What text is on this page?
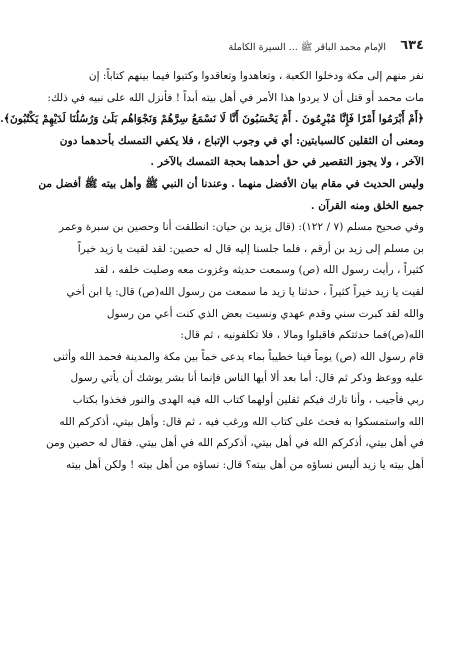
٦٣٤
الإمام محمد الباقر ﷺ ... السيرة الكاملة
نفر منهم إلى مكة ودخلوا الكعبة ، وتعاهدوا وتعاقدوا وكتبوا فيما بينهم كتاباً: إن
مات محمد أو قتل أن لا يردوا هذا الأمر في أهل بيته أبداً ! فأنزل الله على نبيه في ذلك:
﴿أَمْ أَبْرَمُوا أَمْرًا فَإِنَّا مُبْرِمُونَ . أَمْ يَحْسَبُونَ أَنَّا لَا نَسْمَعُ سِرَّهُمْ وَنَجْوَاهُم بَلَىٰ وَرُسُلُنَا لَدَيْهِمْ يَكْتُبُونَ﴾.
ومعنى أن الثقلين كالسبابتين: أي في وجوب الإتباع ، فلا يكفي التمسك بأحدهما دون
الآخر ، ولا يجوز التقصير في حق أحدهما بحجة التمسك بالآخر .
وليس الحديث في مقام بيان الأفضل منهما . وعندنا أن النبي ﷺ وأهل بيته ﷺ أفضل من
جميع الخلق ومنه القرآن .
وفي صحيح مسلم (٧ / ١٢٢): (قال يزيد بن حيان: انطلقت أنا وحصين بن سبرة وعمر
بن مسلم إلى زيد بن أرقم ، فلما جلسنا إليه قال له حصين: لقد لقيت يا زيد خيراً
كثيراً ، رأيت رسول الله (ص) وسمعت حديثه وغزوت معه وصليت خلفه ، لقد
لقيت يا زيد خيراً كثيراً ، حدثنا يا زيد ما سمعت من رسول الله(ص) قال: يا ابن أخي
والله لقد كبرت سني وقدم عهدي ونسيت بعض الذي كنت أعي من رسول
الله(ص)فما حدثتكم فاقبلوا ومالا ، فلا تكلفونيه ، ثم قال:
قام رسول الله (ص) يوماً فينا خطيباً بماء يدعى خماً بين مكة والمدينة فحمد الله وأثنى
عليه ووعظ وذكر ثم قال: أما بعد ألا أيها الناس فإنما أنا بشر يوشك أن يأتي رسول
ربي فأجيب ، وأنا تارك فيكم ثقلين أولهما كتاب الله فيه الهدى والنور فخذوا بكتاب
الله واستمسكوا به فحث على كتاب الله ورغب فيه ، ثم قال: وأهل بيتي، أذكركم الله
في أهل بيتي، أذكركم الله في أهل بيتي، أذكركم الله في أهل بيتي. فقال له حصين ومن
أهل بيته يا زيد أليس نساؤه من أهل بيته؟ قال: نساؤه من أهل بيته ! ولكن أهل بيته
